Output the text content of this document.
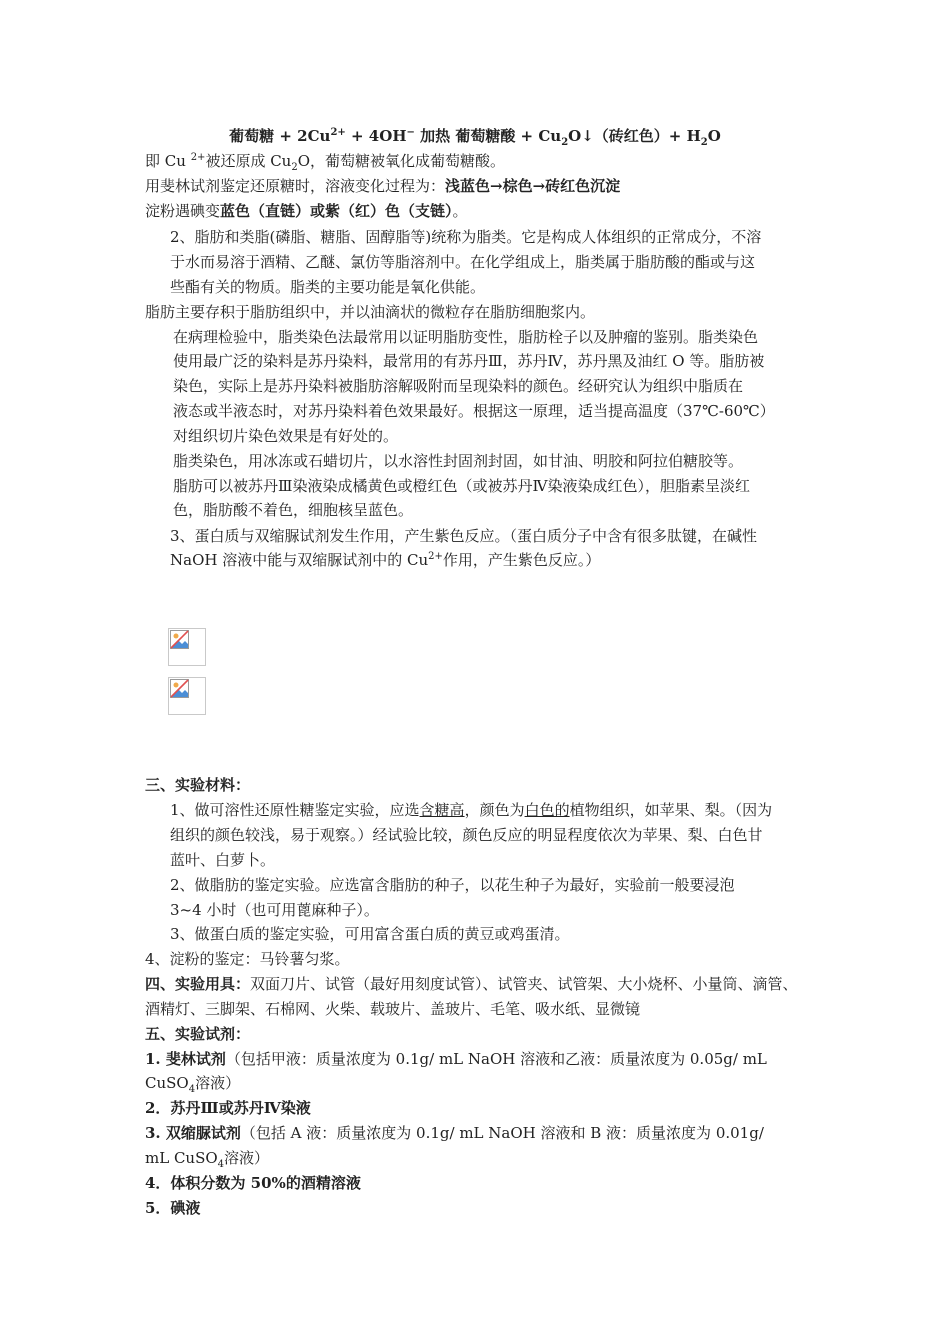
葡萄糖 + $2Cu^{2+} + 4OH^-$ 加热 葡萄糖酸 + $Cu_2O↓$（砖红色）+ $H_2O$
即 Cu $^{2+}$被还原成 $Cu_2O$，葡萄糖被氧化成葡萄糖酸。
用斐林试剂鉴定还原糖时，溶液变化过程为：浅蓝色→棕色→砖红色沉淀
淀粉遇碘变蓝色（直链）或紫（红）色（支链）。
2、脂肪和类脂(磷脂、糖脂、固醇脂等)统称为脂类。它是构成人体组织的正常成分，不溶
于水而易溶于酒精、乙醚、氯仿等脂溶剂中。在化学组成上，脂类属于脂肪酸的酯或与这
些酯有关的物质。脂类的主要功能是氧化供能。
脂肪主要存积于脂肪组织中，并以油滴状的微粒存在脂肪细胞浆内。
在病理检验中，脂类染色法最常用以证明脂肪变性，脂肪栓子以及肿瘤的鉴别。脂类染色
使用最广泛的染料是苏丹染料，最常用的有苏丹Ⅲ，苏丹Ⅳ，苏丹黑及油红 O 等。脂肪被
染色，实际上是苏丹染料被脂肪溶解吸附而呈现染料的颜色。经研究认为组织中脂质在
液态或半液态时，对苏丹染料着色效果最好。根据这一原理，适当提高温度（37℃-60℃）
对组织切片染色效果是有好处的。
脂类染色，用冰冻或石蜡切片，以水溶性封固剂封固，如甘油、明胶和阿拉伯糖胶等。
脂肪可以被苏丹Ⅲ染液染成橘黄色或橙红色（或被苏丹Ⅳ染液染成红色），胆脂素呈淡红
色，脂肪酸不着色，细胞核呈蓝色。
3、蛋白质与双缩脲试剂发生作用，产生紫色反应。（蛋白质分子中含有很多肽键，在碱性
NaOH 溶液中能与双缩脲试剂中的 $Cu^{2+}$作用，产生紫色反应。）
三、实验材料：
1、做可溶性还原性糖鉴定实验，应选含糖高，颜色为白色的植物组织，如苹果、梨。（因为
组织的颜色较浅，易于观察。）经试验比较，颜色反应的明显程度依次为苹果、梨、白色甘
蓝叶、白萝卜。
2、做脂肪的鉴定实验。应选富含脂肪的种子，以花生种子为最好，实验前一般要浸泡
3~4 小时（也可用蓖麻种子）。
3、做蛋白质的鉴定实验，可用富含蛋白质的黄豆或鸡蛋清。
4、淀粉的鉴定：马铃薯匀浆。
四、实验用具：双面刀片、试管（最好用刻度试管）、试管夹、试管架、大小烧杯、小量筒、滴管、
酒精灯、三脚架、石棉网、火柴、载玻片、盖玻片、毛笔、吸水纸、显微镜
五、实验试剂：
1. 斐林试剂（包括甲液：质量浓度为 0.1g/ mL NaOH 溶液和乙液：质量浓度为 0.05g/ mL
CuSO$_4$溶液）
2．苏丹Ⅲ或苏丹Ⅳ染液
3. 双缩脲试剂（包括 A 液：质量浓度为 0.1g/ mL NaOH 溶液和 B 液：质量浓度为 0.01g/
mL CuSO$_4$溶液）
4．体积分数为 50%的酒精溶液
5．碘液
